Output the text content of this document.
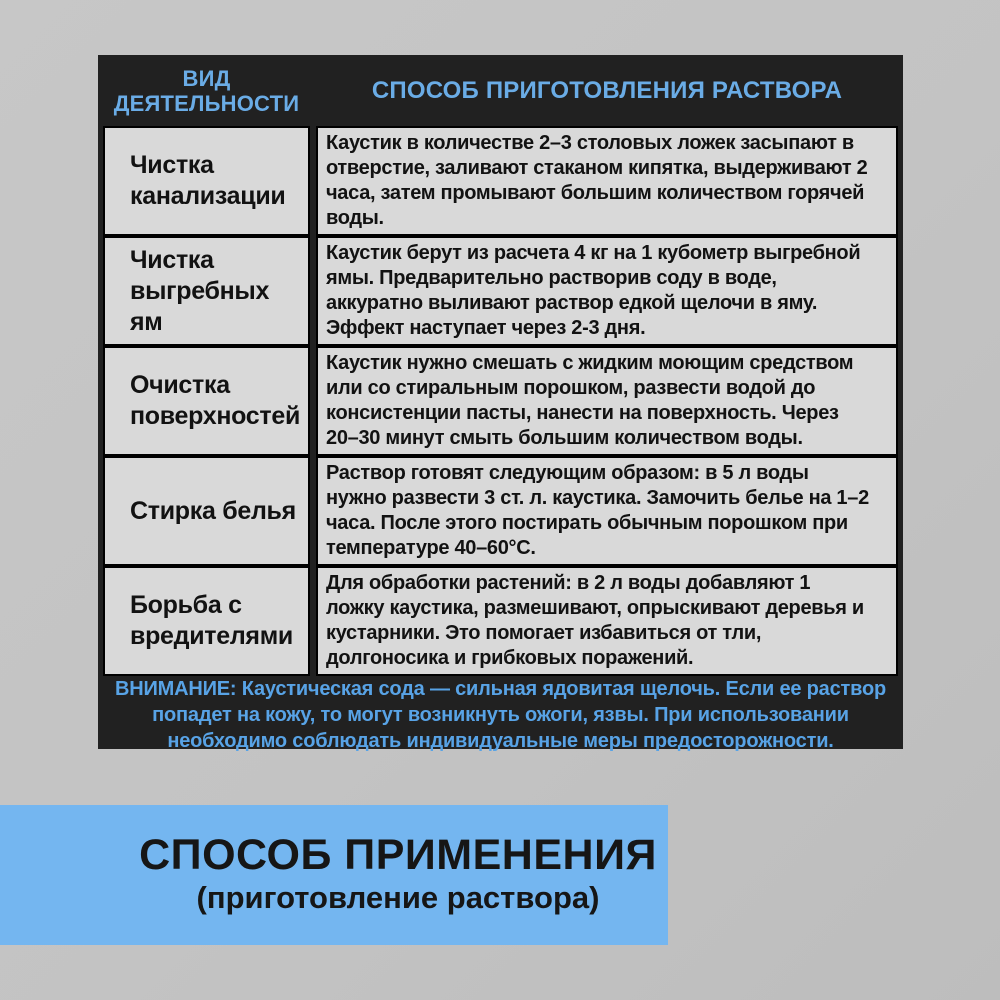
ВИД ДЕЯТЕЛЬНОСТИ	СПОСОБ ПРИГОТОВЛЕНИЯ РАСТВОРА
Чистка канализации
Каустик в количестве 2–3 столовых ложек засыпают в отверстие, заливают стаканом кипятка, выдерживают 2 часа, затем промывают большим количеством горячей воды.
Чистка выгребных ям
Каустик берут из расчета 4 кг на 1 кубометр выгребной ямы. Предварительно растворив соду в воде, аккуратно выливают раствор едкой щелочи в яму. Эффект наступает через 2-3 дня.
Очистка поверхностей
Каустик нужно смешать с жидким моющим средством или со стиральным порошком, развести водой до консистенции пасты, нанести на поверхность. Через 20–30 минут смыть большим количеством воды.
Стирка белья
Раствор готовят следующим образом: в 5 л воды нужно развести 3 ст. л. каустика. Замочить белье на 1–2 часа. После этого постирать обычным порошком при температуре 40–60°С.
Борьба с вредителями
Для обработки растений: в 2 л воды добавляют 1 ложку каустика, размешивают, опрыскивают деревья и кустарники. Это помогает избавиться от тли, долгоносика и грибковых поражений.
ВНИМАНИЕ: Каустическая сода — сильная ядовитая щелочь. Если ее раствор попадет на кожу, то могут возникнуть ожоги, язвы. При использовании необходимо соблюдать индивидуальные меры предосторожности.
СПОСОБ ПРИМЕНЕНИЯ
(приготовление раствора)
